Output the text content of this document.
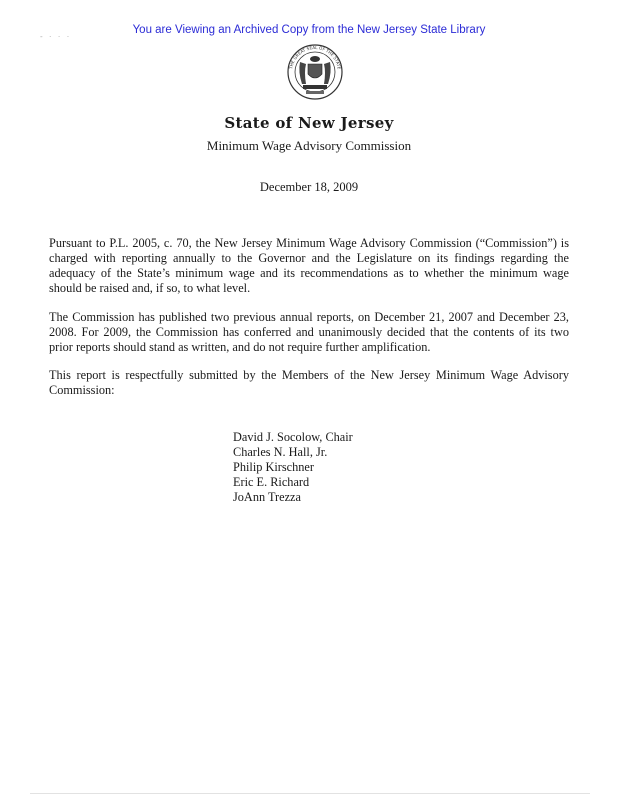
You are Viewing an Archived Copy from the New Jersey State Library
- · · ·
THE GREAT SEAL OF THE STATE
State of New Jersey
Minimum Wage Advisory Commission
December 18, 2009

Pursuant to P.L. 2005, c. 70, the New Jersey Minimum Wage Advisory Commission (“Commission”) is charged with reporting annually to the Governor and the Legislature on its findings regarding the adequacy of the State’s minimum wage and its recommendations as to whether the minimum wage should be raised and, if so, to what level.

The Commission has published two previous annual reports, on December 21, 2007 and December 23, 2008. For 2009, the Commission has conferred and unanimously decided that the contents of its two prior reports should stand as written, and do not require further amplification.

This report is respectfully submitted by the Members of the New Jersey Minimum Wage Advisory Commission:

David J. Socolow, Chair
Charles N. Hall, Jr.
Philip Kirschner
Eric E. Richard
JoAnn Trezza
